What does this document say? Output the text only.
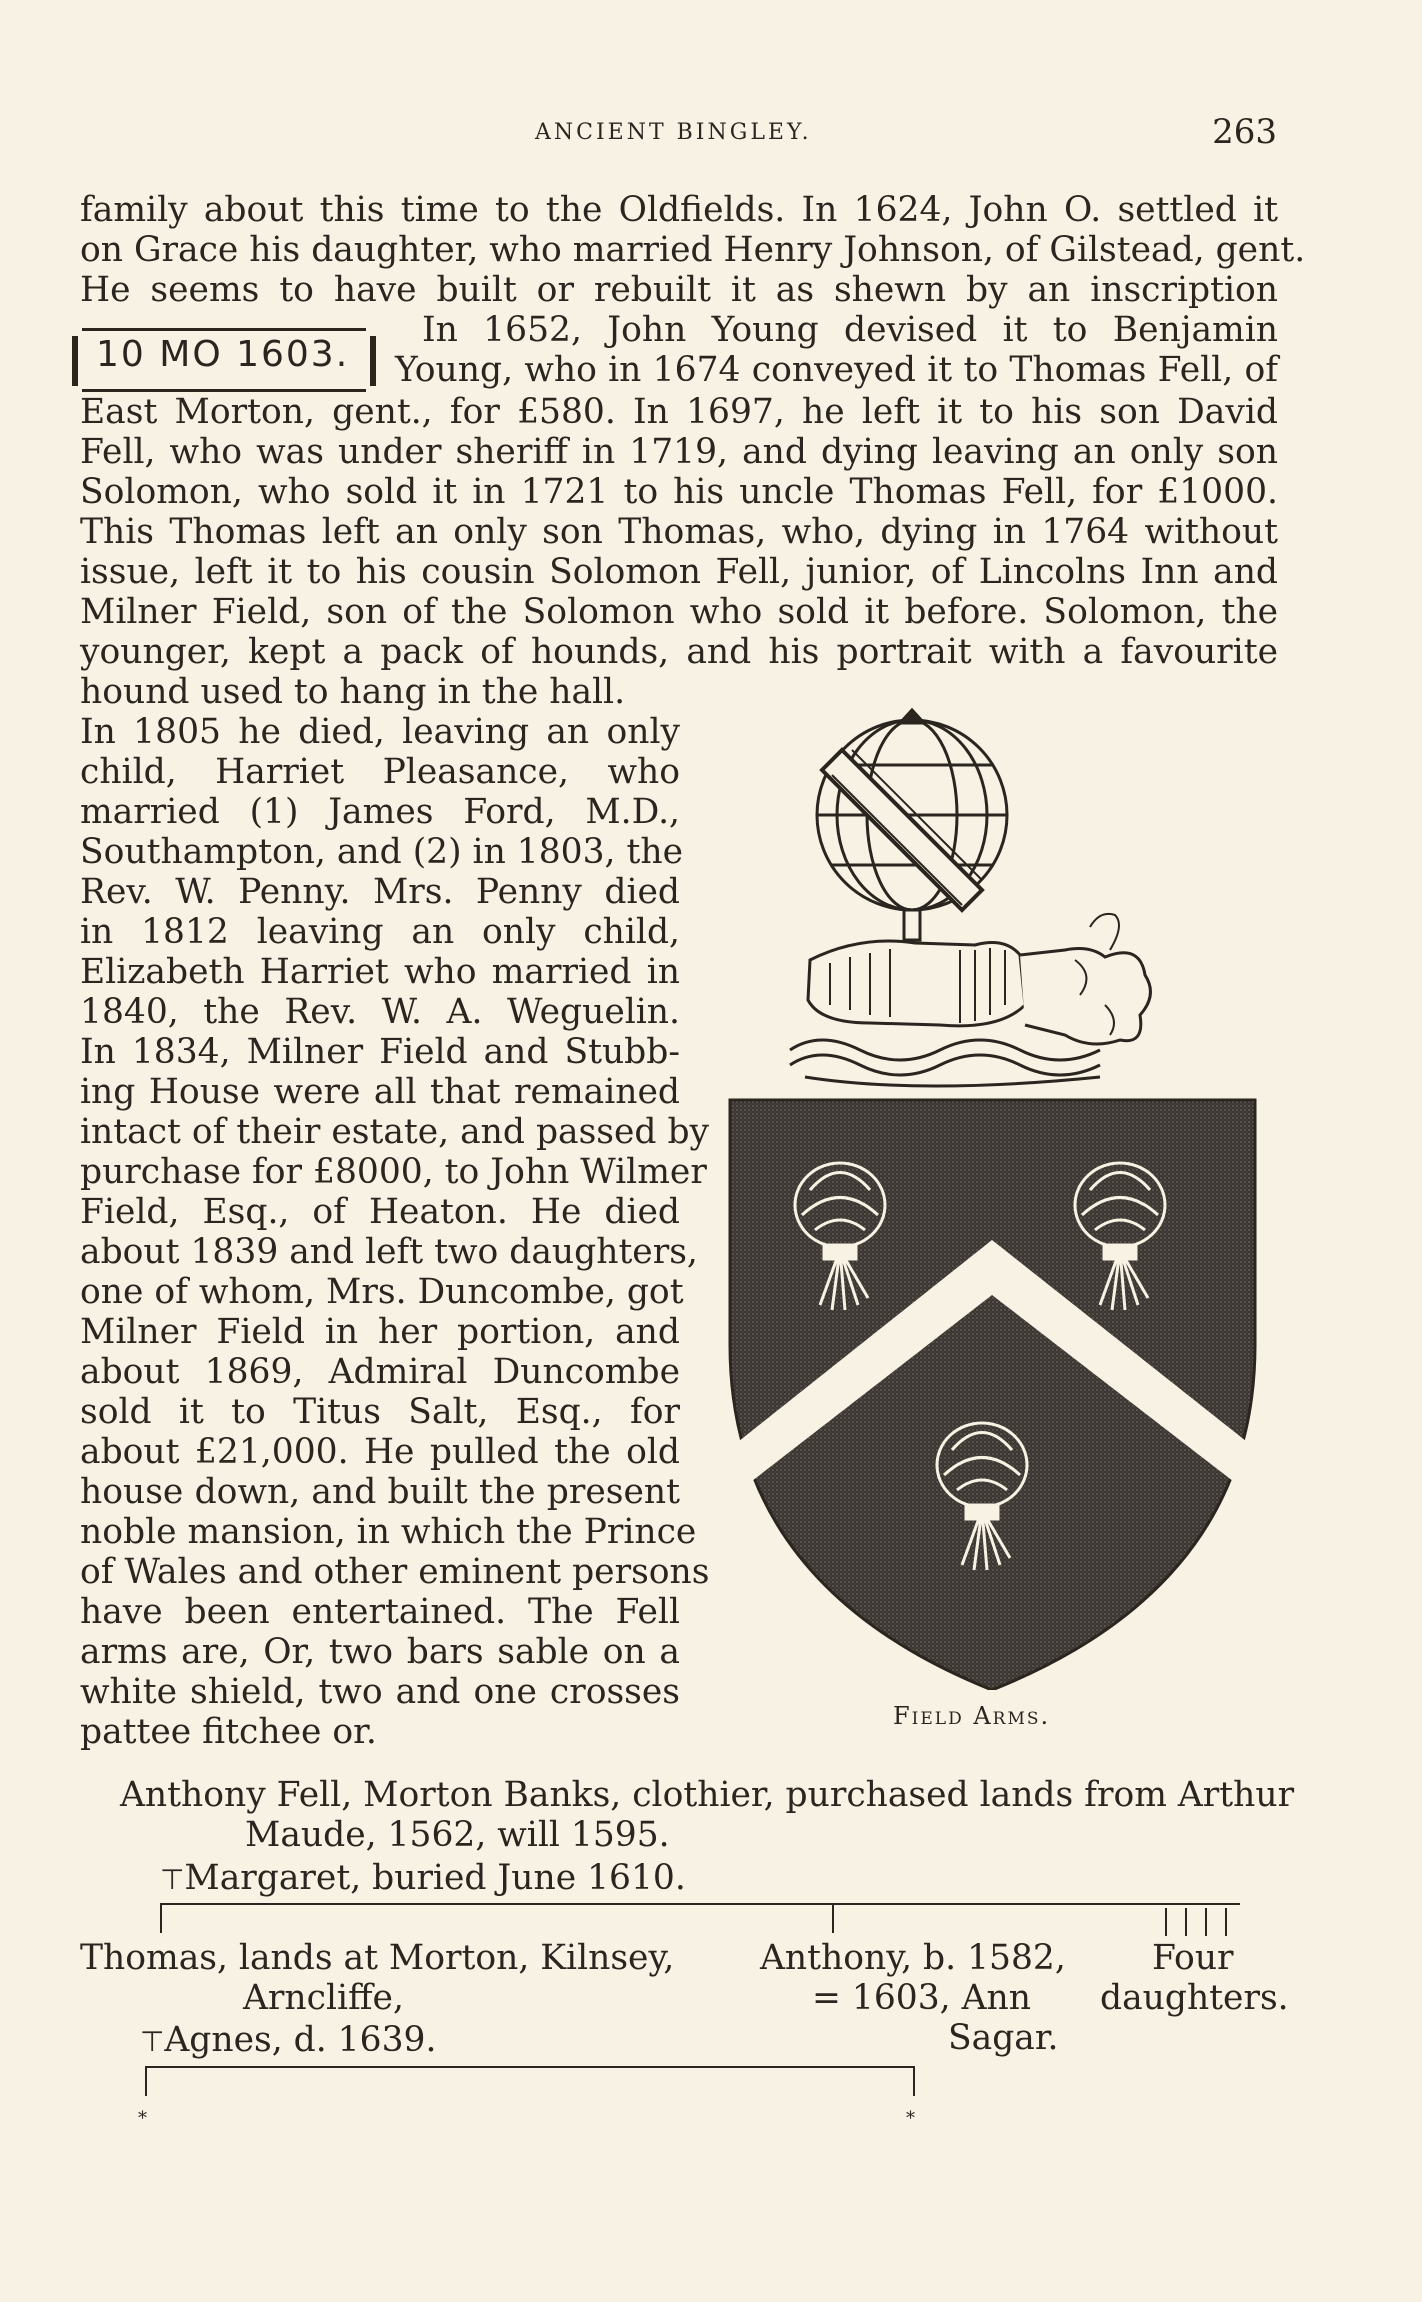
ANCIENT BINGLEY.	263
family about this time to the Oldfields. In 1624, John O. settled it
on Grace his daughter, who married Henry Johnson, of Gilstead, gent.
He seems to have built or rebuilt it as shewn by an inscription
10 MO 1603.
In 1652, John Young devised it to Benjamin
Young, who in 1674 conveyed it to Thomas Fell, of
East Morton, gent., for £580. In 1697, he left it to his son David
Fell, who was under sheriff in 1719, and dying leaving an only son
Solomon, who sold it in 1721 to his uncle Thomas Fell, for £1000.
This Thomas left an only son Thomas, who, dying in 1764 without
issue, left it to his cousin Solomon Fell, junior, of Lincolns Inn and
Milner Field, son of the Solomon who sold it before. Solomon, the
younger, kept a pack of hounds, and his portrait with a favourite
hound used to hang in the hall.
In 1805 he died, leaving an only
child, Harriet Pleasance, who
married (1) James Ford, M.D.,
Southampton, and (2) in 1803, the
Rev. W. Penny. Mrs. Penny died
in 1812 leaving an only child,
Elizabeth Harriet who married in
1840, the Rev. W. A. Weguelin.
In 1834, Milner Field and Stubb-
ing House were all that remained
intact of their estate, and passed by
purchase for £8000, to John Wilmer
Field, Esq., of Heaton. He died
about 1839 and left two daughters,
one of whom, Mrs. Duncombe, got
Milner Field in her portion, and
about 1869, Admiral Duncombe
sold it to Titus Salt, Esq., for
about £21,000. He pulled the old
house down, and built the present
noble mansion, in which the Prince
of Wales and other eminent persons
have been entertained. The Fell
arms are, Or, two bars sable on a
white shield, two and one crosses
pattee fitchee or.	Field Arms.
Anthony Fell, Morton Banks, clothier, purchased lands from Arthur
Maude, 1562, will 1595.
⊤Margaret, buried June 1610.
Thomas, lands at Morton, Kilnsey,
Arncliffe,
⊤Agnes, d. 1639.
Anthony, b. 1582,
= 1603, Ann
Sagar.
Four
daughters.
*	*
